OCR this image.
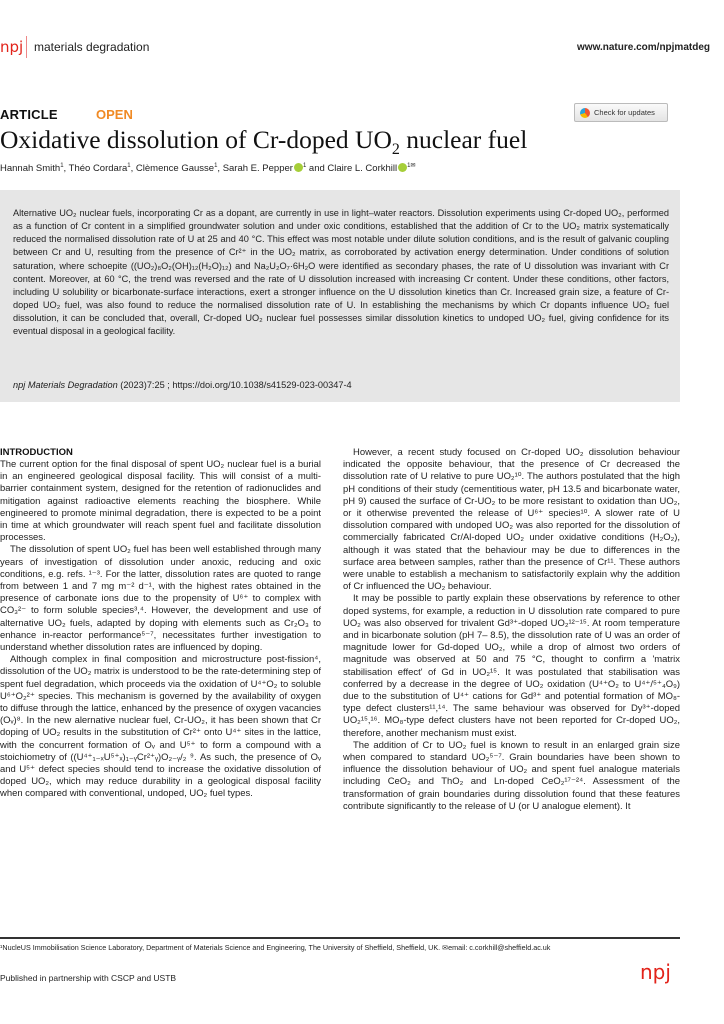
npj materials degradation	www.nature.com/npjmatdeg
ARTICLE	OPEN	Check for updates
Oxidative dissolution of Cr-doped $UO_2$ nuclear fuel
Hannah Smith$^1$, Théo Cordara$^1$, Clèmence Gausse$^1$, Sarah E. Pepper $^1$ and Claire L. Corkhill $^{1✉}$
Alternative UO₂ nuclear fuels, incorporating Cr as a dopant, are currently in use in light–water reactors. Dissolution experiments using Cr-doped UO₂, performed as a function of Cr content in a simplified groundwater solution and under oxic conditions, established that the addition of Cr to the UO₂ matrix systematically reduced the normalised dissolution rate of U at 25 and 40 °C. This effect was most notable under dilute solution conditions, and is the result of galvanic coupling between Cr and U, resulting from the presence of Cr²⁺ in the UO₂ matrix, as corroborated by activation energy determination. Under conditions of solution saturation, where schoepite ((UO₂)₈O₂(OH)₁₂(H₂O)₁₂) and Na₂U₂O₇·6H₂O were identified as secondary phases, the rate of U dissolution was invariant with Cr content. Moreover, at 60 °C, the trend was reversed and the rate of U dissolution increased with increasing Cr content. Under these conditions, other factors, including U solubility or bicarbonate-surface interactions, exert a stronger influence on the U dissolution kinetics than Cr. Increased grain size, a feature of Cr-doped UO₂ fuel, was also found to reduce the normalised dissolution rate of U. In establishing the mechanisms by which Cr dopants influence UO₂ fuel dissolution, it can be concluded that, overall, Cr-doped UO₂ nuclear fuel possesses similar dissolution kinetics to undoped UO₂ fuel, giving confidence for its eventual disposal in a geological facility.
npj Materials Degradation (2023)7:25 ; https://doi.org/10.1038/s41529-023-00347-4
INTRODUCTION

The current option for the final disposal of spent UO₂ nuclear fuel is a burial in an engineered geological disposal facility. This will consist of a multi-barrier containment system, designed for the retention of radionuclides and mitigation against radioactive elements reaching the biosphere. While engineered to promote minimal degradation, there is expected to be a point in time at which groundwater will reach spent fuel and facilitate dissolution processes.

The dissolution of spent UO₂ fuel has been well established through many years of investigation of dissolution under anoxic, reducing and oxic conditions, e.g. refs. ¹⁻³. For the latter, dissolution rates are quoted to range from between 1 and 7 mg m⁻² d⁻¹, with the highest rates obtained in the presence of carbonate ions due to the propensity of U⁶⁺ to complex with CO₃²⁻ to form soluble species³,⁴. However, the development and use of alternative UO₂ fuels, adapted by doping with elements such as Cr₂O₃ to enhance in-reactor performance⁵⁻⁷, necessitates further investigation to understand whether dissolution rates are influenced by doping.

Although complex in final composition and microstructure post-fission⁴, dissolution of the UO₂ matrix is understood to be the rate-determining step of spent fuel degradation, which proceeds via the oxidation of U⁴⁺O₂ to soluble U⁶⁺O₂²⁺ species. This mechanism is governed by the availability of oxygen to diffuse through the lattice, enhanced by the presence of oxygen vacancies (Oᵥ)⁸. In the new alernative nuclear fuel, Cr-UO₂, it has been shown that Cr doping of UO₂ results in the substitution of Cr²⁺ onto U⁴⁺ sites in the lattice, with the concurrent formation of Oᵥ and U⁵⁺ to form a compound with a stoichiometry of ((U⁴⁺₁₋ₓU⁵⁺ₓ)₁₋ᵧCr²⁺ᵧ)O₂₋ᵧ/₂ ⁹. As such, the presence of Oᵥ and U⁵⁺ defect species should tend to increase the oxidative dissolution of doped UO₂, which may reduce durability in a geological disposal facility when compared with conventional, undoped, UO₂ fuel types.

However, a recent study focused on Cr-doped UO₂ dissolution behaviour indicated the opposite behaviour, that the presence of Cr decreased the dissolution rate of U relative to pure UO₂¹⁰. The authors postulated that the high pH conditions of their study (cementitious water, pH 13.5 and bicarbonate water, pH 9) caused the surface of Cr-UO₂ to be more resistant to oxidation than UO₂, or it otherwise prevented the release of U⁶⁺ species¹⁰. A slower rate of U dissolution compared with undoped UO₂ was also reported for the dissolution of commercially fabricated Cr/Al-doped UO₂ under oxidative conditions (H₂O₂), although it was stated that the behaviour may be due to differences in the surface area between samples, rather than the presence of Cr¹¹. These authors were unable to establish a mechanism to satisfactorily explain why the addition of Cr influenced the UO₂ behaviour.

It may be possible to partly explain these observations by reference to other doped systems, for example, a reduction in U dissolution rate compared to pure UO₂ was also observed for trivalent Gd³⁺-doped UO₂¹²⁻¹⁵. At room temperature and in bicarbonate solution (pH 7– 8.5), the dissolution rate of U was an order of magnitude lower for Gd-doped UO₂, while a drop of almost two orders of magnitude was observed at 50 and 75 °C, thought to confirm a 'matrix stabilisation effect' of Gd in UO₂¹⁵. It was postulated that stabilisation was conferred by a decrease in the degree of UO₂ oxidation (U⁴⁺O₂ to U⁴⁺/⁵⁺₄O₉) due to the substitution of U⁴⁺ cations for Gd³⁺ and potential formation of MO₈-type defect clusters¹¹,¹⁴. The same behaviour was observed for Dy³⁺-doped UO₂¹⁵,¹⁶. MO₈-type defect clusters have not been reported for Cr-doped UO₂, therefore, another mechanism must exist.

The addition of Cr to UO₂ fuel is known to result in an enlarged grain size when compared to standard UO₂⁵⁻⁷. Grain boundaries have been shown to influence the dissolution behaviour of UO₂ and spent fuel analogue materials including CeO₂ and ThO₂ and Ln-doped CeO₂¹⁷⁻²⁴. Assessment of the transformation of grain boundaries during dissolution found that these features contribute significantly to the release of U (or U analogue element). It

¹NucleUS Immobilisation Science Laboratory, Department of Materials Science and Engineering, The University of Sheffield, Sheffield, UK. ✉email: c.corkhill@sheffield.ac.uk
Published in partnership with CSCP and USTB	npj
